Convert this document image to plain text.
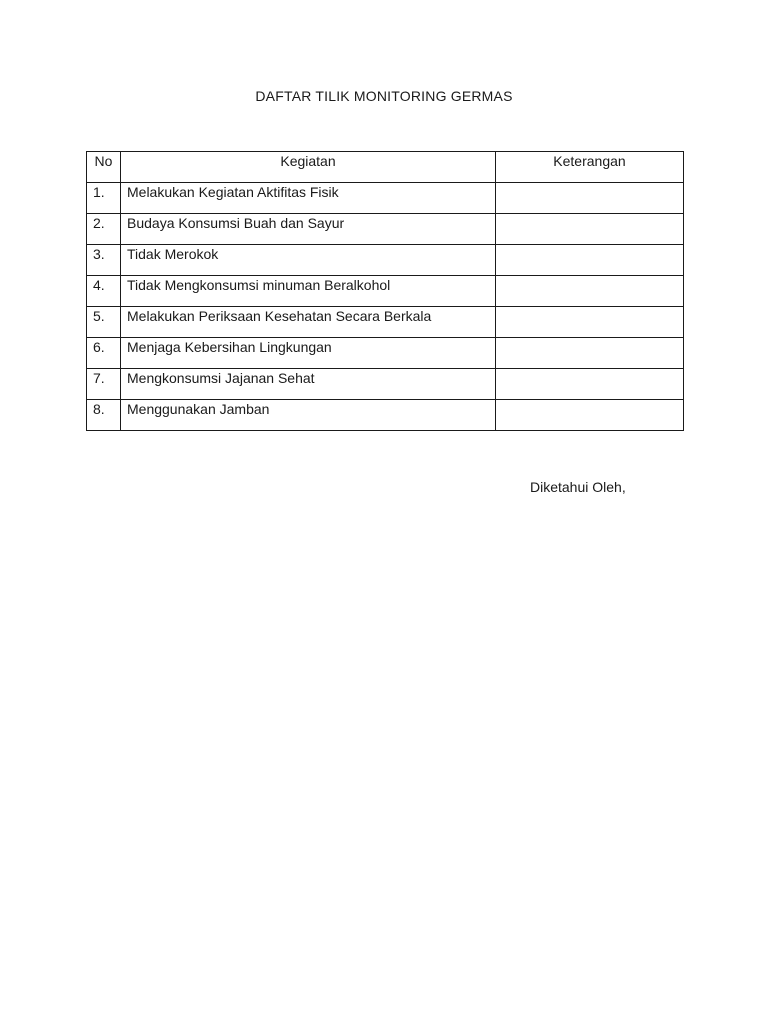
DAFTAR TILIK MONITORING GERMAS
No	Kegiatan	Keterangan
1.	Melakukan Kegiatan Aktifitas Fisik	
2.	Budaya Konsumsi Buah dan Sayur	
3.	Tidak Merokok	
4.	Tidak Mengkonsumsi minuman Beralkohol	
5.	Melakukan Periksaan Kesehatan Secara Berkala	
6.	Menjaga Kebersihan Lingkungan	
7.	Mengkonsumsi Jajanan Sehat	
8.	Menggunakan Jamban	
Diketahui Oleh,
